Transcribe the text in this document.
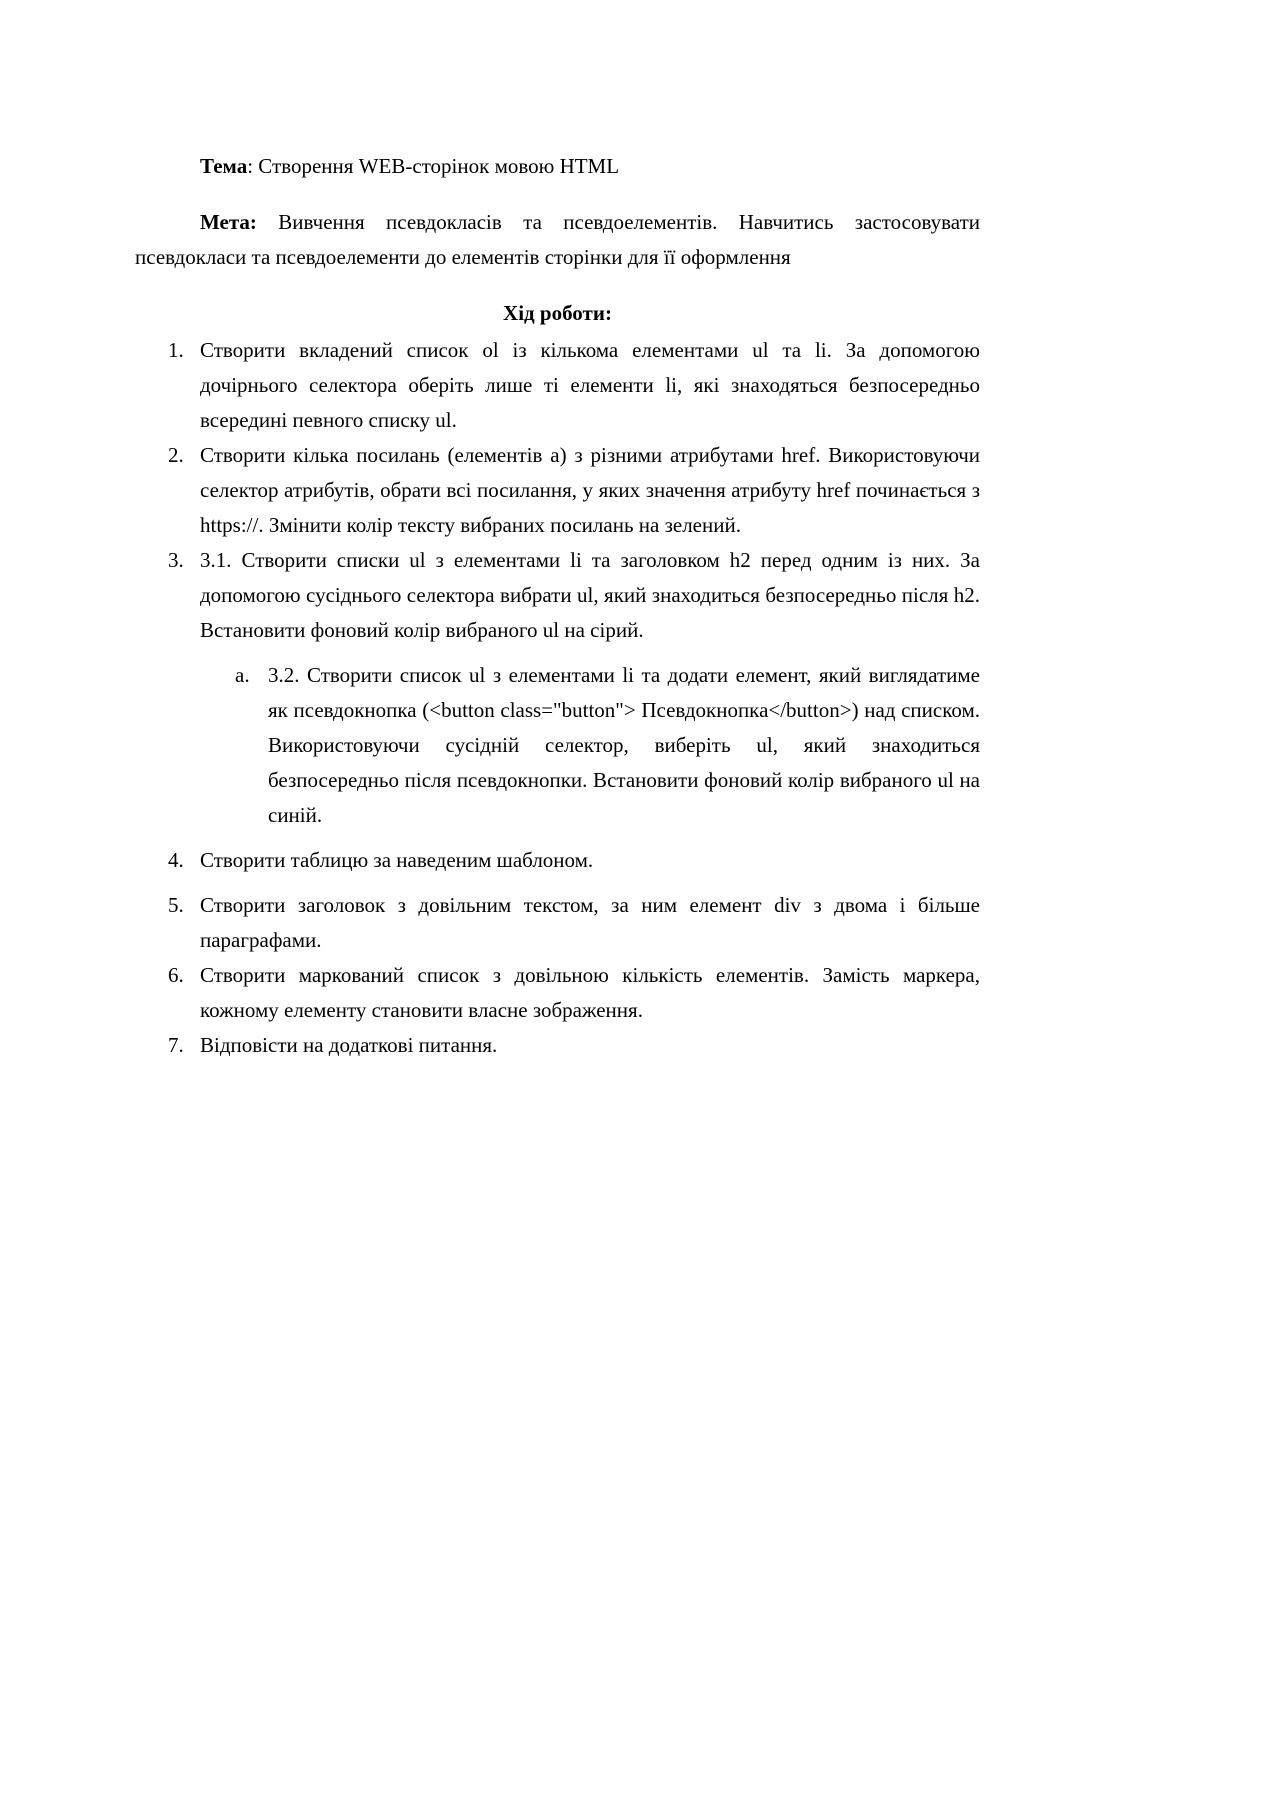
Тема: Створення WEB-сторінок мовою HTML

Мета: Вивчення псевдокласів та псевдоелементів. Навчитись застосовувати псевдокласи та псевдоелементи до елементів сторінки для її оформлення

Хід роботи:

1. Створити вкладений список ol із кількома елементами ul та li. За допомогою дочірнього селектора оберіть лише ті елементи li, які знаходяться безпосередньо всередині певного списку ul.
2. Створити кілька посилань (елементів a) з різними атрибутами href. Використовуючи селектор атрибутів, обрати всі посилання, у яких значення атрибуту href починається з https://. Змінити колір тексту вибраних посилань на зелений.
3. 3.1. Створити списки ul з елементами li та заголовком h2 перед одним із них. За допомогою сусіднього селектора вибрати ul, який знаходиться безпосередньо після h2. Встановити фоновий колір вибраного ul на сірий.
a. 3.2. Створити список ul з елементами li та додати елемент, який виглядатиме як псевдокнопка (<button class="button"> Псевдокнопка</button>) над списком. Використовуючи сусідній селектор, виберіть ul, який знаходиться безпосередньо після псевдокнопки. Встановити фоновий колір вибраного ul на синій.
4. Створити таблицю за наведеним шаблоном.
5. Створити заголовок з довільним текстом, за ним елемент div з двома і більше параграфами.
6. Створити маркований список з довільною кількість елементів. Замість маркера, кожному елементу становити власне зображення.
7. Відповісти на додаткові питання.
